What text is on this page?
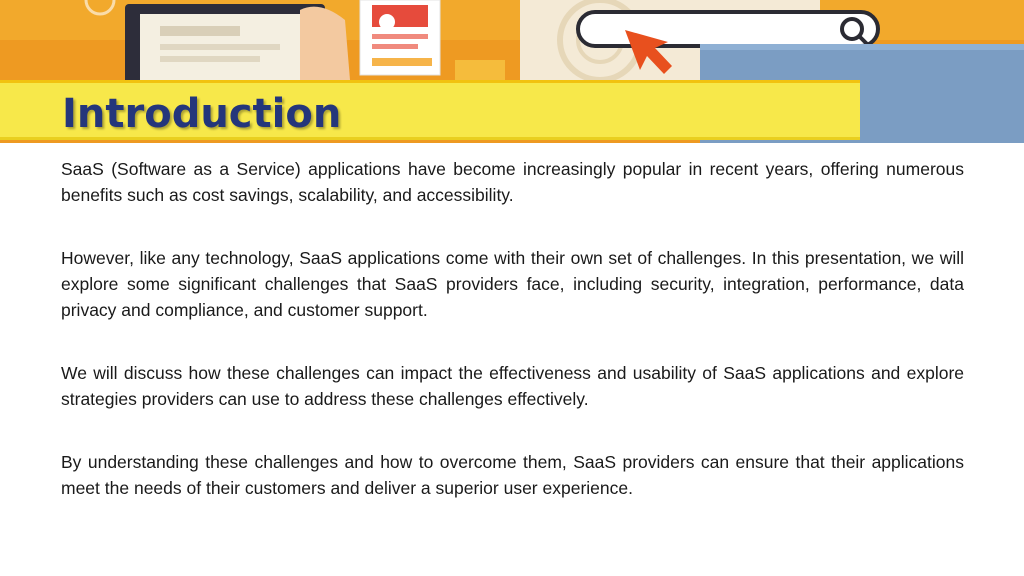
Introduction

SaaS (Software as a Service) applications have become increasingly popular in recent years, offering numerous benefits such as cost savings, scalability, and accessibility.

However, like any technology, SaaS applications come with their own set of challenges. In this presentation, we will explore some significant challenges that SaaS providers face, including security, integration, performance, data privacy and compliance, and customer support.

We will discuss how these challenges can impact the effectiveness and usability of SaaS applications and explore strategies providers can use to address these challenges effectively.

By understanding these challenges and how to overcome them, SaaS providers can ensure that their applications meet the needs of their customers and deliver a superior user experience.
